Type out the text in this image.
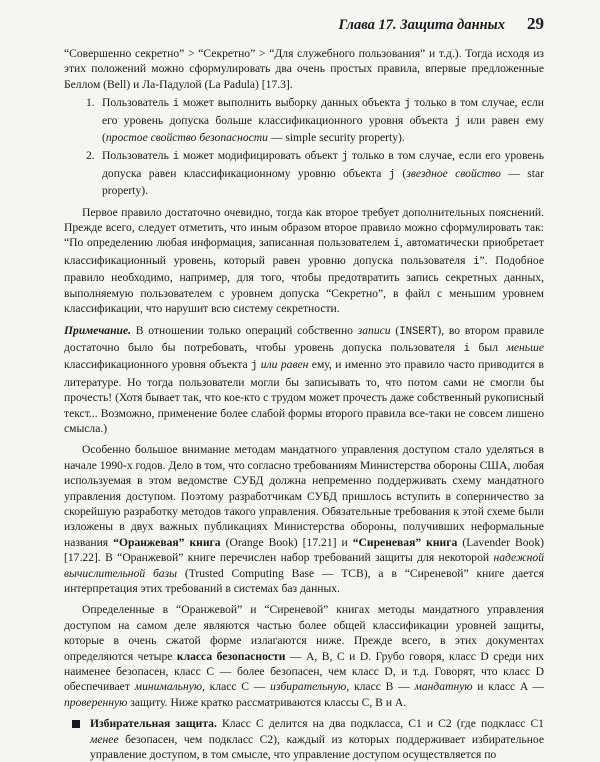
Глава 17. Защита данных 29

“Совершенно секретно” > “Секретно” > “Для служебного пользования” и т.д.). Тогда исходя из этих положений можно сформулировать два очень простых правила, впервые предложенные Беллом (Bell) и Ла-Падулой (La Padula) [17.3].

1. Пользователь i может выполнить выборку данных объекта j только в том случае, если его уровень допуска больше классификационного уровня объекта j или равен ему (простое свойство безопасности — simple security property).
2. Пользователь i может модифицировать объект j только в том случае, если его уровень допуска равен классификационному уровню объекта j (звездное свойство — star property).

Первое правило достаточно очевидно, тогда как второе требует дополнительных пояснений. Прежде всего, следует отметить, что иным образом второе правило можно сформулировать так: “По определению любая информация, записанная пользователем i, автоматически приобретает классификационный уровень, который равен уровню допуска пользователя i”. Подобное правило необходимо, например, для того, чтобы предотвратить запись секретных данных, выполняемую пользователем с уровнем допуска “Секретно”, в файл с меньшим уровнем классификации, что нарушит всю систему секретности.

Примечание. В отношении только операций собственно записи (INSERT), во втором правиле достаточно было бы потребовать, чтобы уровень допуска пользователя i был меньше классификационного уровня объекта j или равен ему, и именно это правило часто приводится в литературе. Но тогда пользователи могли бы записывать то, что потом сами не смогли бы прочесть! (Хотя бывает так, что кое-кто с трудом может прочесть даже собственный рукописный текст... Возможно, применение более слабой формы второго правила все-таки не совсем лишено смысла.)

Особенно большое внимание методам мандатного управления доступом стало уделяться в начале 1990-х годов. Дело в том, что согласно требованиям Министерства обороны США, любая используемая в этом ведомстве СУБД должна непременно поддерживать схему мандатного управления доступом. Поэтому разработчикам СУБД пришлось вступить в соперничество за скорейшую разработку методов такого управления. Обязательные требования к этой схеме были изложены в двух важных публикациях Министерства обороны, получивших неформальные названия “Оранжевая” книга (Orange Book) [17.21] и “Сиреневая” книга (Lavender Book) [17.22]. В “Оранжевой” книге перечислен набор требований защиты для некоторой надежной вычислительной базы (Trusted Computing Base — TCB), а в “Сиреневой” книге дается интерпретация этих требований в системах баз данных.

Определенные в “Оранжевой” и “Сиреневой” книгах методы мандатного управления доступом на самом деле являются частью более общей классификации уровней защиты, которые в очень сжатой форме излагаются ниже. Прежде всего, в этих документах определяются четыре класса безопасности — A, B, C и D. Грубо говоря, класс D среди них наименее безопасен, класс C — более безопасен, чем класс D, и т.д. Говорят, что класс D обеспечивает минимальную, класс C — избирательную, класс B — мандатную и класс A — проверенную защиту. Ниже кратко рассматриваются классы C, B и A.

Избирательная защита. Класс C делится на два подкласса, C1 и C2 (где подкласс C1 менее безопасен, чем подкласс C2), каждый из которых поддерживает избирательное управление доступом, в том смысле, что управление доступом осуществляется по
